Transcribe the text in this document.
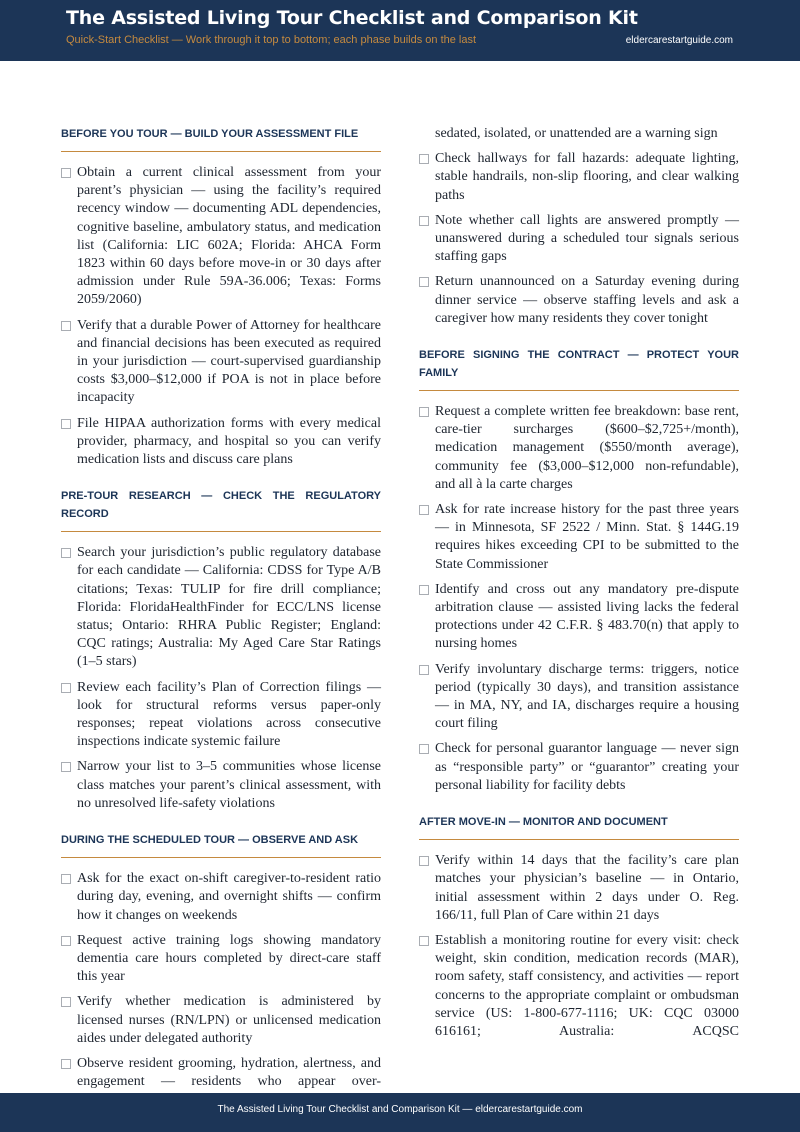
The Assisted Living Tour Checklist and Comparison Kit
Quick-Start Checklist — Work through it top to bottom; each phase builds on the last	eldercarestartguide.com
BEFORE YOU TOUR — BUILD YOUR ASSESSMENT FILE
Obtain a current clinical assessment from your parent’s physician — using the facility’s required recency window — documenting ADL dependencies, cognitive baseline, ambulatory status, and medication list (California: LIC 602A; Florida: AHCA Form 1823 within 60 days before move-in or 30 days after admission under Rule 59A-36.006; Texas: Forms 2059/2060)
Verify that a durable Power of Attorney for healthcare and financial decisions has been executed as required in your jurisdiction — court-supervised guardianship costs $3,000–$12,000 if POA is not in place before incapacity
File HIPAA authorization forms with every medical provider, pharmacy, and hospital so you can verify medication lists and discuss care plans
PRE-TOUR RESEARCH — CHECK THE REGULATORY RECORD
Search your jurisdiction’s public regulatory database for each candidate — California: CDSS for Type A/B citations; Texas: TULIP for fire drill compliance; Florida: FloridaHealthFinder for ECC/LNS license status; Ontario: RHRA Public Register; England: CQC ratings; Australia: My Aged Care Star Ratings (1–5 stars)
Review each facility’s Plan of Correction filings — look for structural reforms versus paper-only responses; repeat violations across consecutive inspections indicate systemic failure
Narrow your list to 3–5 communities whose license class matches your parent’s clinical assessment, with no unresolved life-safety violations
DURING THE SCHEDULED TOUR — OBSERVE AND ASK
Ask for the exact on-shift caregiver-to-resident ratio during day, evening, and overnight shifts — confirm how it changes on weekends
Request active training logs showing mandatory dementia care hours completed by direct-care staff this year
Verify whether medication is administered by licensed nurses (RN/LPN) or unlicensed medication aides under delegated authority
Observe resident grooming, hydration, alertness, and engagement — residents who appear over-
sedated, isolated, or unattended are a warning sign
Check hallways for fall hazards: adequate lighting, stable handrails, non-slip flooring, and clear walking paths
Note whether call lights are answered promptly — unanswered during a scheduled tour signals serious staffing gaps
Return unannounced on a Saturday evening during dinner service — observe staffing levels and ask a caregiver how many residents they cover tonight
BEFORE SIGNING THE CONTRACT — PROTECT YOUR FAMILY
Request a complete written fee breakdown: base rent, care-tier surcharges ($600–$2,725+/month), medication management ($550/month average), community fee ($3,000–$12,000 non-refundable), and all à la carte charges
Ask for rate increase history for the past three years — in Minnesota, SF 2522 / Minn. Stat. § 144G.19 requires hikes exceeding CPI to be submitted to the State Commissioner
Identify and cross out any mandatory pre-dispute arbitration clause — assisted living lacks the federal protections under 42 C.F.R. § 483.70(n) that apply to nursing homes
Verify involuntary discharge terms: triggers, notice period (typically 30 days), and transition assistance — in MA, NY, and IA, discharges require a housing court filing
Check for personal guarantor language — never sign as “responsible party” or “guarantor” creating your personal liability for facility debts
AFTER MOVE-IN — MONITOR AND DOCUMENT
Verify within 14 days that the facility’s care plan matches your physician’s baseline — in Ontario, initial assessment within 2 days under O. Reg. 166/11, full Plan of Care within 21 days
Establish a monitoring routine for every visit: check weight, skin condition, medication records (MAR), room safety, staff consistency, and activities — report concerns to the appropriate complaint or ombudsman service (US: 1-800-677-1116; UK: CQC 03000 616161; Australia: ACQSC
The Assisted Living Tour Checklist and Comparison Kit — eldercarestartguide.com
